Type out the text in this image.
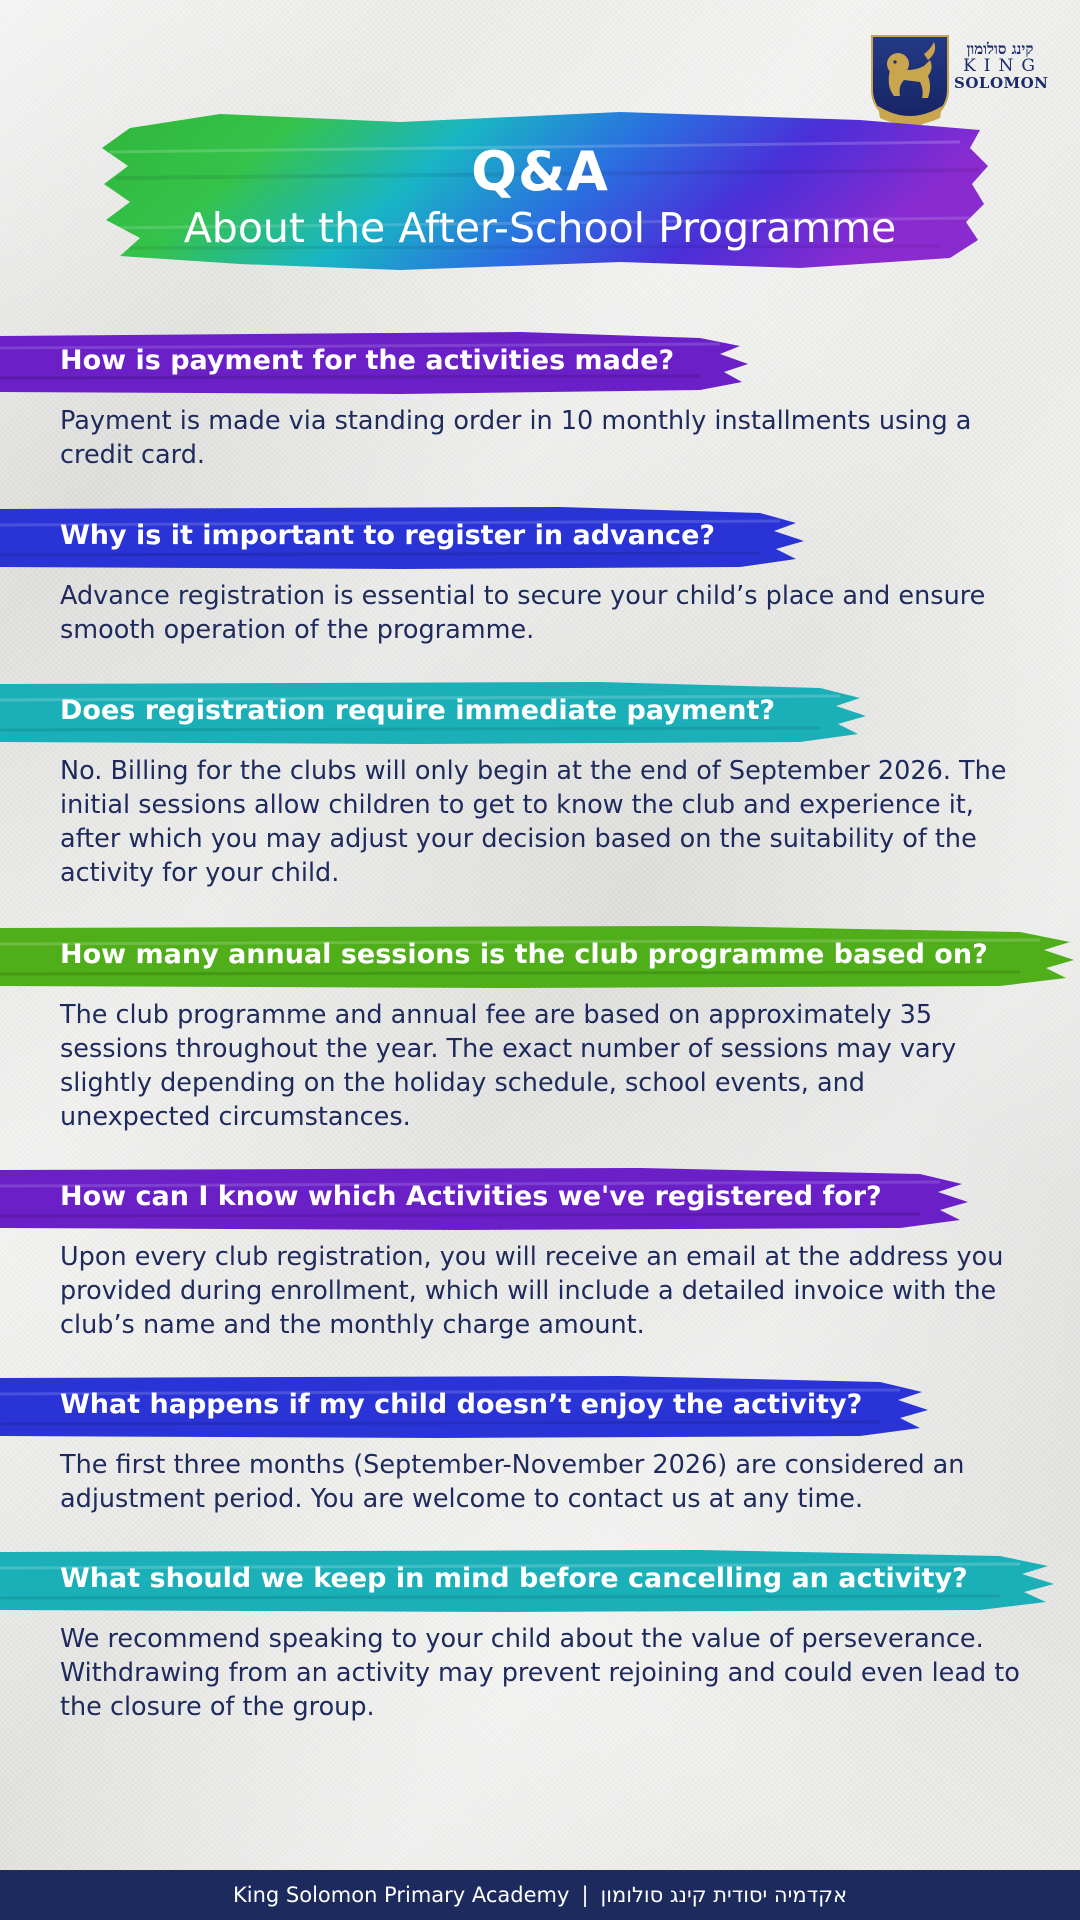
קינג סולומון
KING
SOLOMON
Q&A
About the After-School Programme
How is payment for the activities made?
Payment is made via standing order in 10 monthly installments using a credit card.
Why is it important to register in advance?
Advance registration is essential to secure your child’s place and ensure smooth operation of the programme.
Does registration require immediate payment?
No. Billing for the clubs will only begin at the end of September 2026. The initial sessions allow children to get to know the club and experience it, after which you may adjust your decision based on the suitability of the activity for your child.
How many annual sessions is the club programme based on?
The club programme and annual fee are based on approximately 35 sessions throughout the year. The exact number of sessions may vary slightly depending on the holiday schedule, school events, and unexpected circumstances.
How can I know which Activities we've registered for?
Upon every club registration, you will receive an email at the address you provided during enrollment, which will include a detailed invoice with the club’s name and the monthly charge amount.
What happens if my child doesn’t enjoy the activity?
The first three months (September-November 2026) are considered an adjustment period. You are welcome to contact us at any time.
What should we keep in mind before cancelling an activity?
We recommend speaking to your child about the value of perseverance. Withdrawing from an activity may prevent rejoining and could even lead to the closure of the group.
King Solomon Primary Academy | אקדמיה יסודית קינג סולומון
